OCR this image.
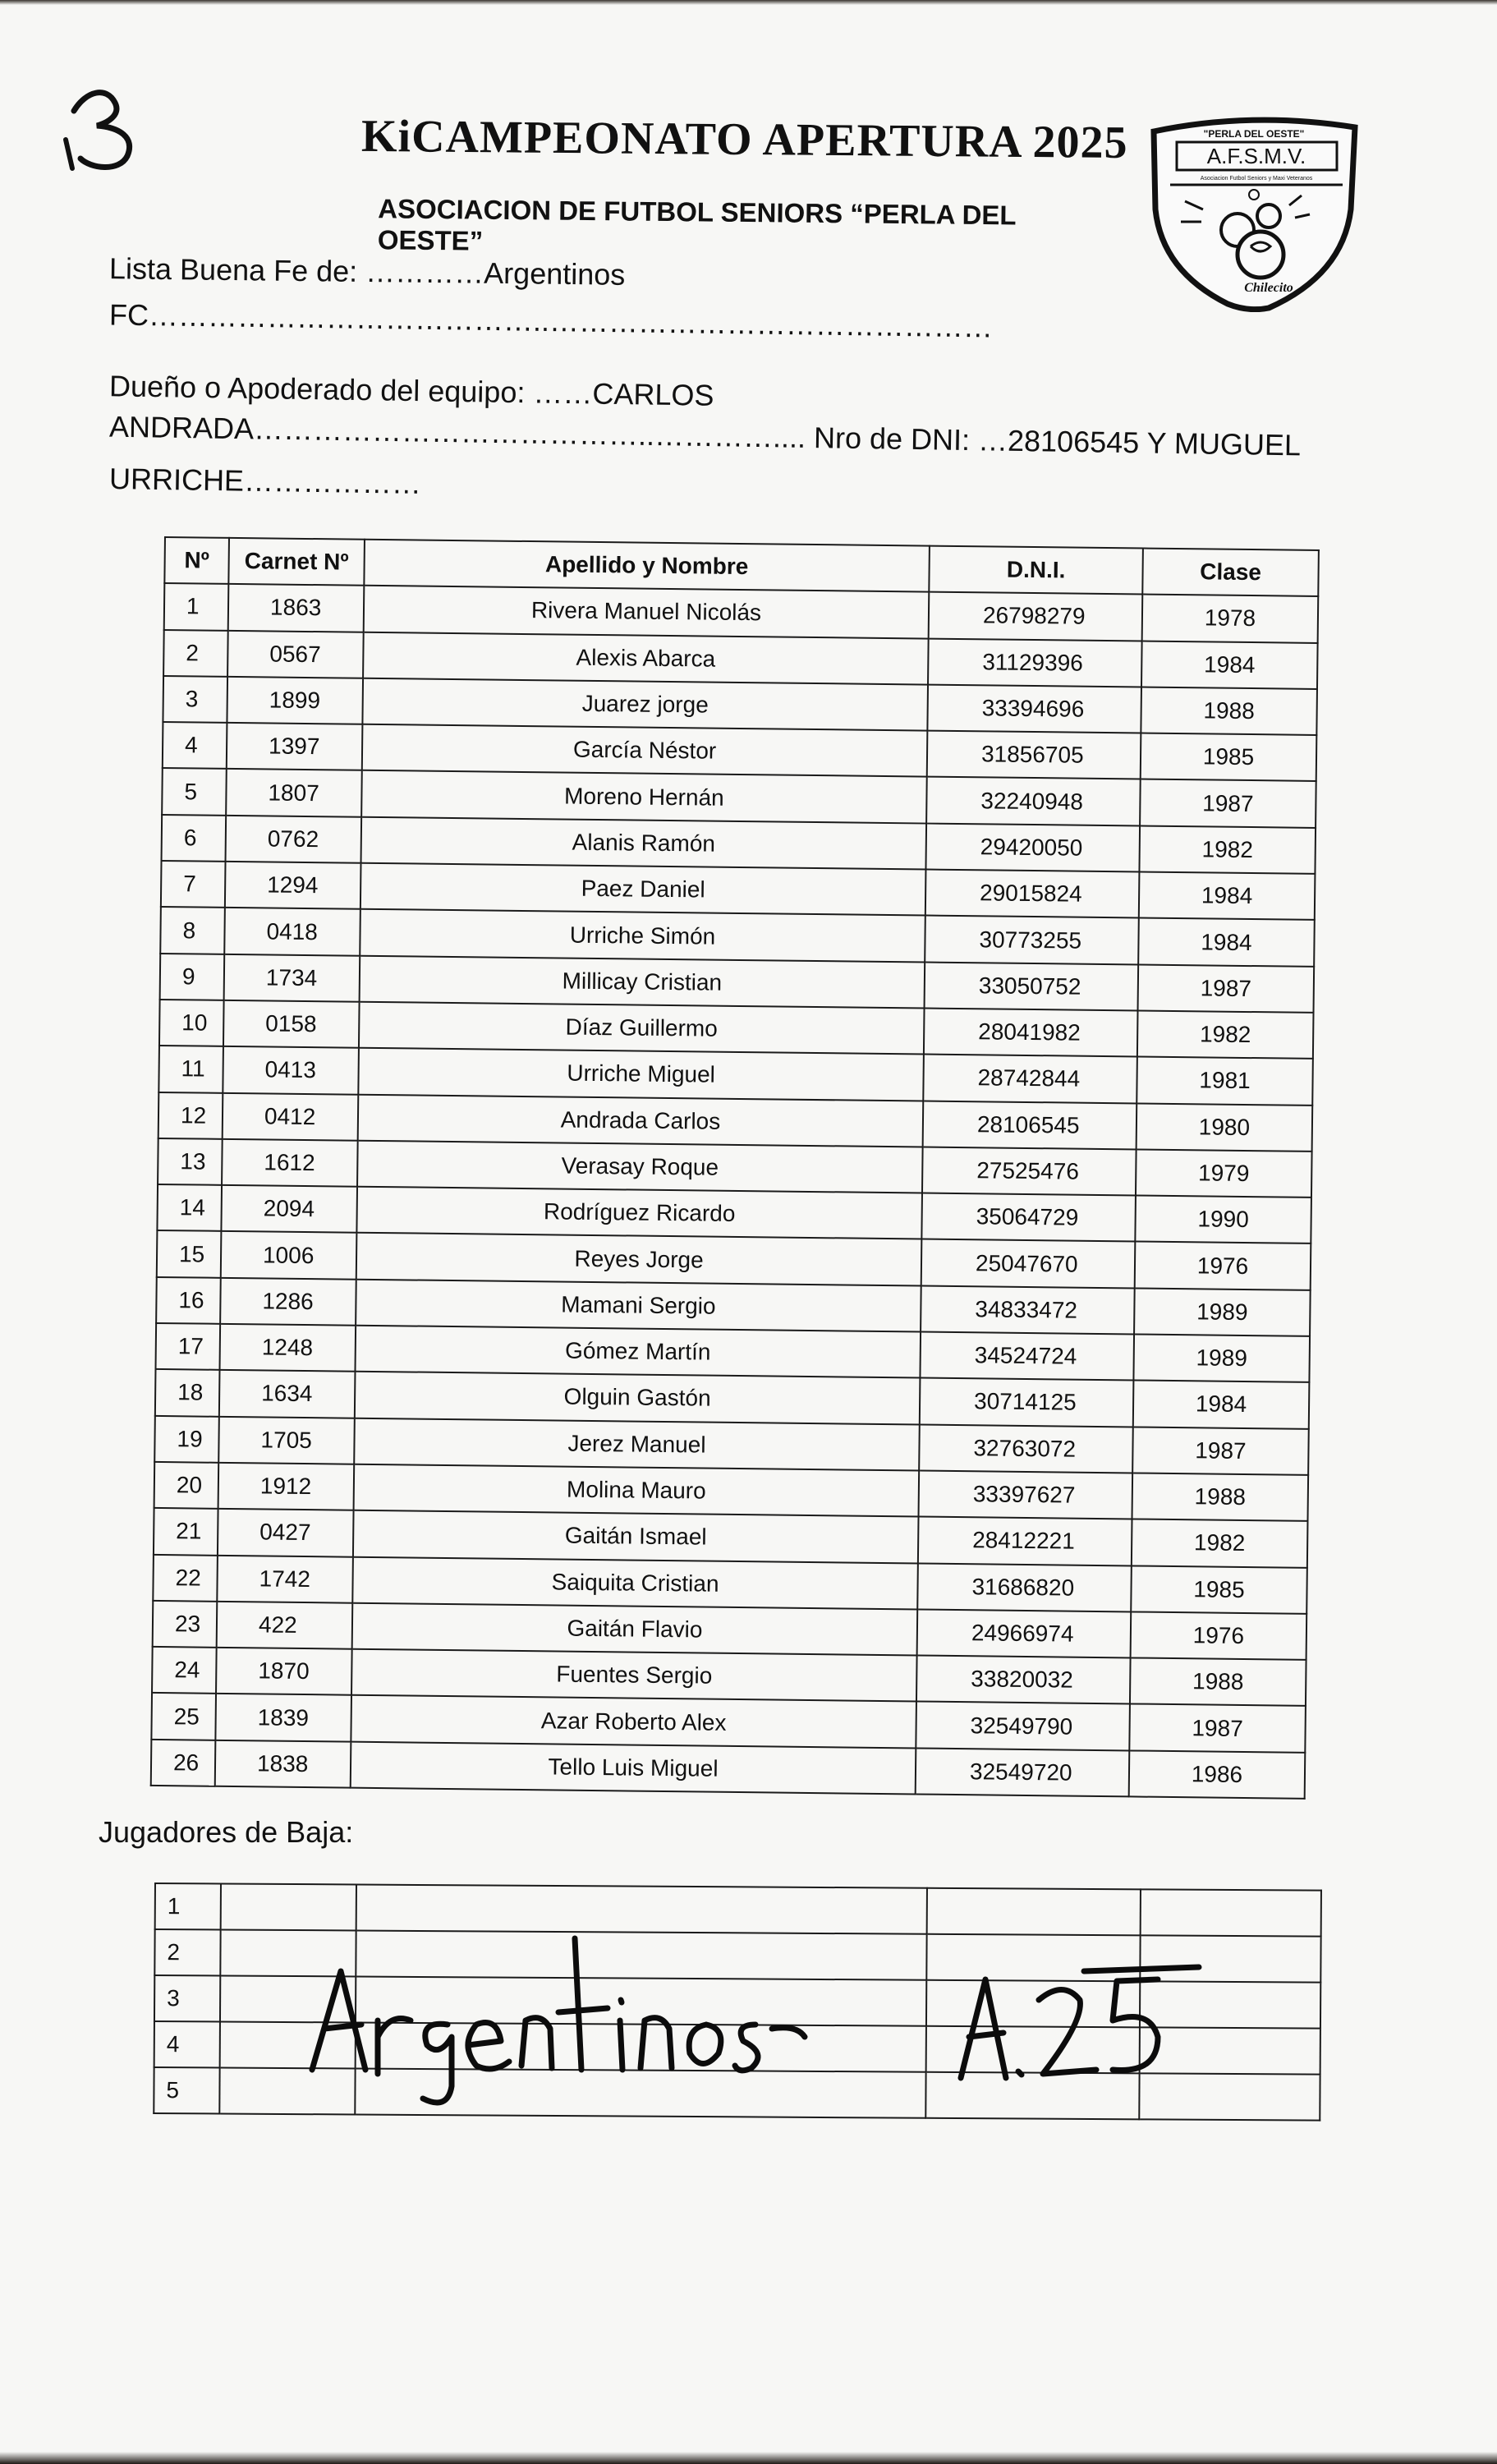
KiCAMPEONATO APERTURA 2025
ASOCIACION DE FUTBOL SENIORS “PERLA DEL OESTE”
"PERLA DEL OESTE"
A.F.S.M.V.
Asociacion Futbol Seniors y Maxi Veteranos
Chilecito
Lista Buena Fe de: …………Argentinos
FC…………………………………..………………………………………
Dueño o Apoderado del equipo: ……CARLOS
ANDRADA…………………………………..………….... Nro de DNI: …28106545 Y MUGUEL
URRICHE………………
Nº	Carnet Nº	Apellido y Nombre	D.N.I.	Clase
1	1863	Rivera Manuel Nicolás	26798279	1978
2	0567	Alexis Abarca	31129396	1984
3	1899	Juarez jorge	33394696	1988
4	1397	García Néstor	31856705	1985
5	1807	Moreno Hernán	32240948	1987
6	0762	Alanis Ramón	29420050	1982
7	1294	Paez Daniel	29015824	1984
8	0418	Urriche Simón	30773255	1984
9	1734	Millicay Cristian	33050752	1987
10	0158	Díaz Guillermo	28041982	1982
11	0413	Urriche Miguel	28742844	1981
12	0412	Andrada Carlos	28106545	1980
13	1612	Verasay Roque	27525476	1979
14	2094	Rodríguez Ricardo	35064729	1990
15	1006	Reyes Jorge	25047670	1976
16	1286	Mamani Sergio	34833472	1989
17	1248	Gómez Martín	34524724	1989
18	1634	Olguin Gastón	30714125	1984
19	1705	Jerez Manuel	32763072	1987
20	1912	Molina Mauro	33397627	1988
21	0427	Gaitán Ismael	28412221	1982
22	1742	Saiquita Cristian	31686820	1985
23	422	Gaitán Flavio	24966974	1976
24	1870	Fuentes Sergio	33820032	1988
25	1839	Azar Roberto Alex	32549790	1987
26	1838	Tello Luis Miguel	32549720	1986
Jugadores de Baja:
1				
2				
3				
4				
5				
Argentinos A.25
